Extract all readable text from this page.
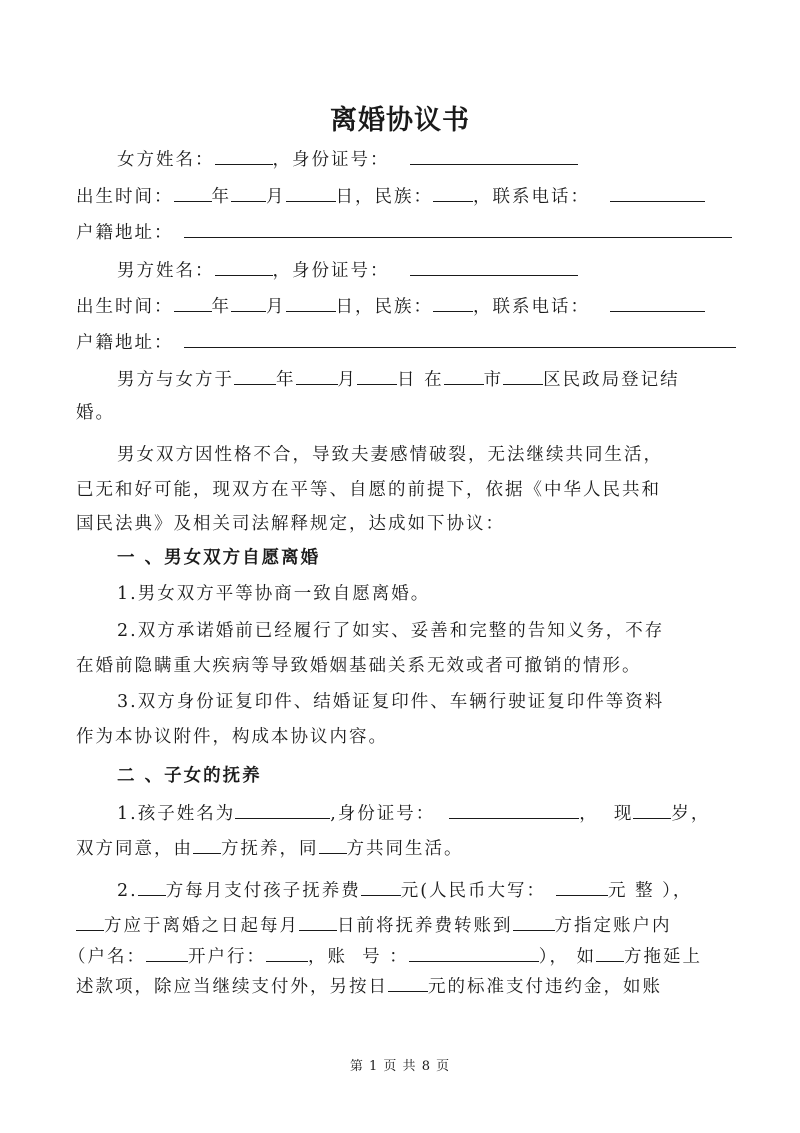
离婚协议书
女方姓名：	，身份证号：
出生时间： 年 月	日，民族： ，联系电话：
户籍地址：
男方姓名：	，身份证号：
出生时间： 年 月	日，民族： ，联系电话：
户籍地址：
男方与女方于 年 月 日 在 市 区民政局登记结
婚。
男女双方因性格不合，导致夫妻感情破裂，无法继续共同生活，
已无和好可能，现双方在平等、自愿的前提下，依据《中华人民共和
国民法典》及相关司法解释规定，达成如下协议：
一 、男女双方自愿离婚
1.男女双方平等协商一致自愿离婚。
2.双方承诺婚前已经履行了如实、妥善和完整的告知义务，不存
在婚前隐瞒重大疾病等导致婚姻基础关系无效或者可撤销的情形。
3.双方身份证复印件、结婚证复印件、车辆行驶证复印件等资料
作为本协议附件，构成本协议内容。
二 、子女的抚养
1.孩子姓名为	,身份证号：	，  现 岁，
双方同意，由 方抚养，同 方共同生活。
2. 方每月支付孩子抚养费 元(人民币大写：	元 整 ），
方应于离婚之日起每月 日前将抚养费转账到 方指定账户内
（户名： 开户行： ，账  号 ：	）， 如 方拖延上
述款项，除应当继续支付外，另按日 元的标准支付违约金，如账
第 1 页 共 8 页
